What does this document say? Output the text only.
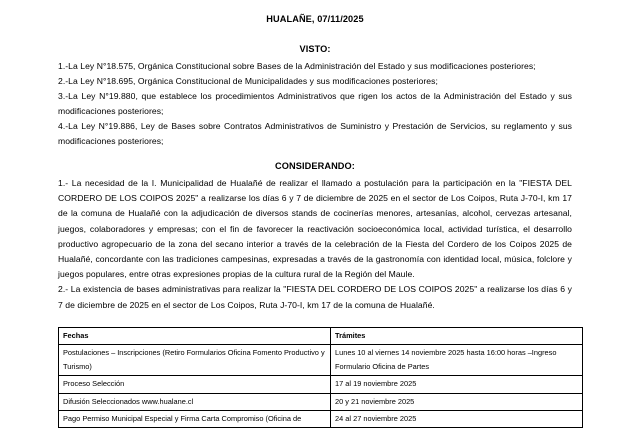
HUALAÑE, 07/11/2025
VISTO:

1.-La Ley N°18.575, Orgánica Constitucional sobre Bases de la Administración del Estado y sus modificaciones posteriores;

2.-La Ley N°18.695, Orgánica Constitucional de Municipalidades y sus modificaciones posteriores;

3.-La Ley N°19.880, que establece los procedimientos Administrativos que rigen los actos de la Administración del Estado y sus modificaciones posteriores;

4.-La Ley N°19.886, Ley de Bases sobre Contratos Administrativos de Suministro y Prestación de Servicios, su reglamento y sus modificaciones posteriores;

CONSIDERANDO:

1.- La necesidad de la I. Municipalidad de Hualañé de realizar el llamado a postulación para la participación en la "FIESTA DEL CORDERO DE LOS COIPOS 2025" a realizarse los días 6 y 7 de diciembre de 2025 en el sector de Los Coipos, Ruta J-70-I, km 17 de la comuna de Hualañé con la adjudicación de diversos stands de cocinerías menores, artesanías, alcohol, cervezas artesanal, juegos, colaboradores y empresas; con el fin de favorecer la reactivación socioeconómica local, actividad turística, el desarrollo productivo agropecuario de la zona del secano interior a través de la celebración de la Fiesta del Cordero de los Coipos 2025 de Hualañé, concordante con las tradiciones campesinas, expresadas a través de la gastronomía con identidad local, música, folclore y juegos populares, entre otras expresiones propias de la cultura rural de la Región del Maule.

2.- La existencia de bases administrativas para realizar la "FIESTA DEL CORDERO DE LOS COIPOS 2025" a realizarse los días 6 y 7 de diciembre de 2025 en el sector de Los Coipos, Ruta J-70-I, km 17 de la comuna de Hualañé.

Fechas	Trámites
Postulaciones – Inscripciones (Retiro Formularios Oficina Fomento Productivo y Turismo)	Lunes 10 al viernes 14 noviembre 2025 hasta 16:00 horas –Ingreso Formulario Oficina de Partes
Proceso Selección	17 al 19 noviembre 2025
Difusión Seleccionados www.hualane.cl	20 y 21 noviembre 2025
Pago Permiso Municipal Especial y Firma Carta Compromiso (Oficina de	24 al 27 noviembre 2025
